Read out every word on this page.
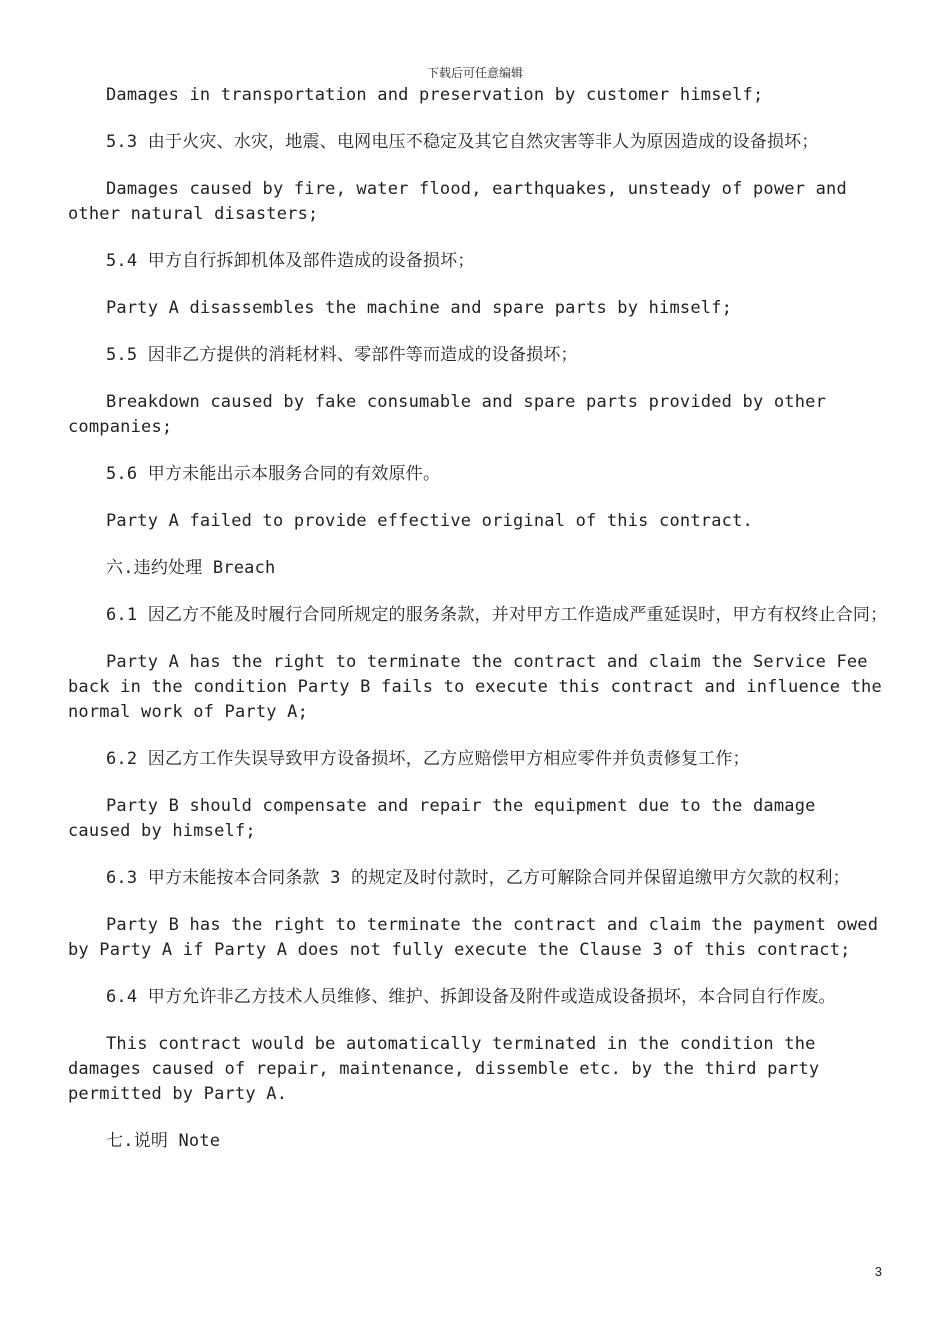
下载后可任意编辑

Damages in transportation and preservation by customer himself;

5.3 由于火灾、水灾，地震、电网电压不稳定及其它自然灾害等非人为原因造成的设备损坏；

Damages caused by fire, water flood, earthquakes, unsteady of power and other natural disasters;

5.4 甲方自行拆卸机体及部件造成的设备损坏；

Party A disassembles the machine and spare parts by himself;

5.5 因非乙方提供的消耗材料、零部件等而造成的设备损坏；

Breakdown caused by fake consumable and spare parts provided by other companies;

5.6 甲方未能出示本服务合同的有效原件。

Party A failed to provide effective original of this contract.

六.违约处理 Breach

6.1 因乙方不能及时履行合同所规定的服务条款，并对甲方工作造成严重延误时，甲方有权终止合同；

Party A has the right to terminate the contract and claim the Service Fee back in the condition Party B fails to execute this contract and influence the normal work of Party A;

6.2 因乙方工作失误导致甲方设备损坏，乙方应赔偿甲方相应零件并负责修复工作；

Party B should compensate and repair the equipment due to the damage caused by himself;

6.3 甲方未能按本合同条款 3 的规定及时付款时，乙方可解除合同并保留追缴甲方欠款的权利；

Party B has the right to terminate the contract and claim the payment owed by Party A if Party A does not fully execute the Clause 3 of this contract;

6.4 甲方允许非乙方技术人员维修、维护、拆卸设备及附件或造成设备损坏，本合同自行作废。

This contract would be automatically terminated in the condition the damages caused of repair, maintenance, dissemble etc. by the third party permitted by Party A.

七.说明 Note

3
